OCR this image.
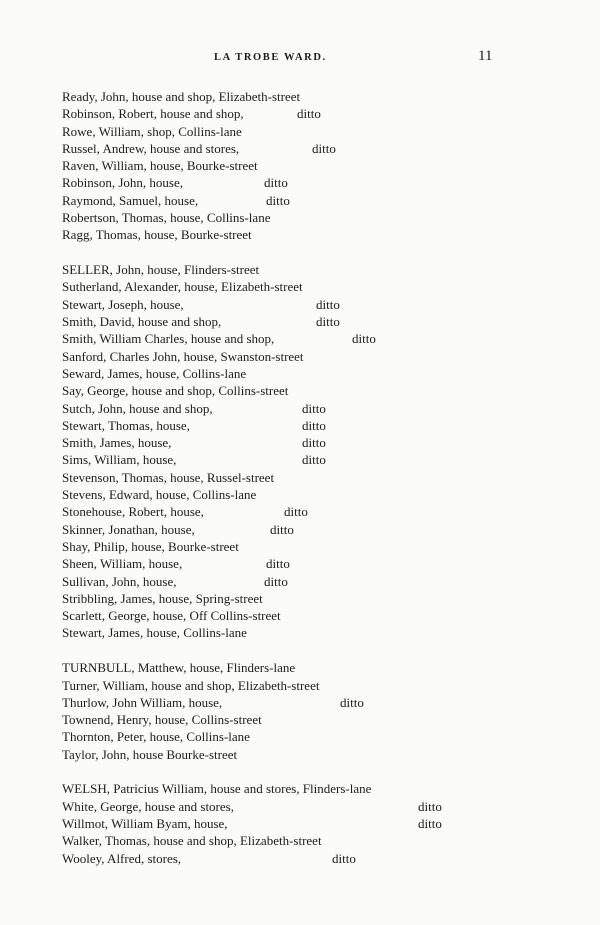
LA TROBE WARD.	11
Ready, John, house and shop, Elizabeth-street
Robinson, Robert, house and shop,	ditto
Rowe, William, shop, Collins-lane
Russel, Andrew, house and stores,	ditto
Raven, William, house, Bourke-street
Robinson, John, house,	ditto
Raymond, Samuel, house,	ditto
Robertson, Thomas, house, Collins-lane
Ragg, Thomas, house, Bourke-street
SELLER, John, house, Flinders-street
Sutherland, Alexander, house, Elizabeth-street
Stewart, Joseph, house,	ditto
Smith, David, house and shop,	ditto
Smith, William Charles, house and shop,	ditto
Sanford, Charles John, house, Swanston-street
Seward, James, house, Collins-lane
Say, George, house and shop, Collins-street
Sutch, John, house and shop,	ditto
Stewart, Thomas, house,	ditto
Smith, James, house,	ditto
Sims, William, house,	ditto
Stevenson, Thomas, house, Russel-street
Stevens, Edward, house, Collins-lane
Stonehouse, Robert, house,	ditto
Skinner, Jonathan, house,	ditto
Shay, Philip, house, Bourke-street
Sheen, William, house,	ditto
Sullivan, John, house,	ditto
Stribbling, James, house, Spring-street
Scarlett, George, house, Off Collins-street
Stewart, James, house, Collins-lane
TURNBULL, Matthew, house, Flinders-lane
Turner, William, house and shop, Elizabeth-street
Thurlow, John William, house,	ditto
Townend, Henry, house, Collins-street
Thornton, Peter, house, Collins-lane
Taylor, John, house Bourke-street
WELSH, Patricius William, house and stores, Flinders-lane
White, George, house and stores,	ditto
Willmot, William Byam, house,	ditto
Walker, Thomas, house and shop, Elizabeth-street
Wooley, Alfred, stores,	ditto
